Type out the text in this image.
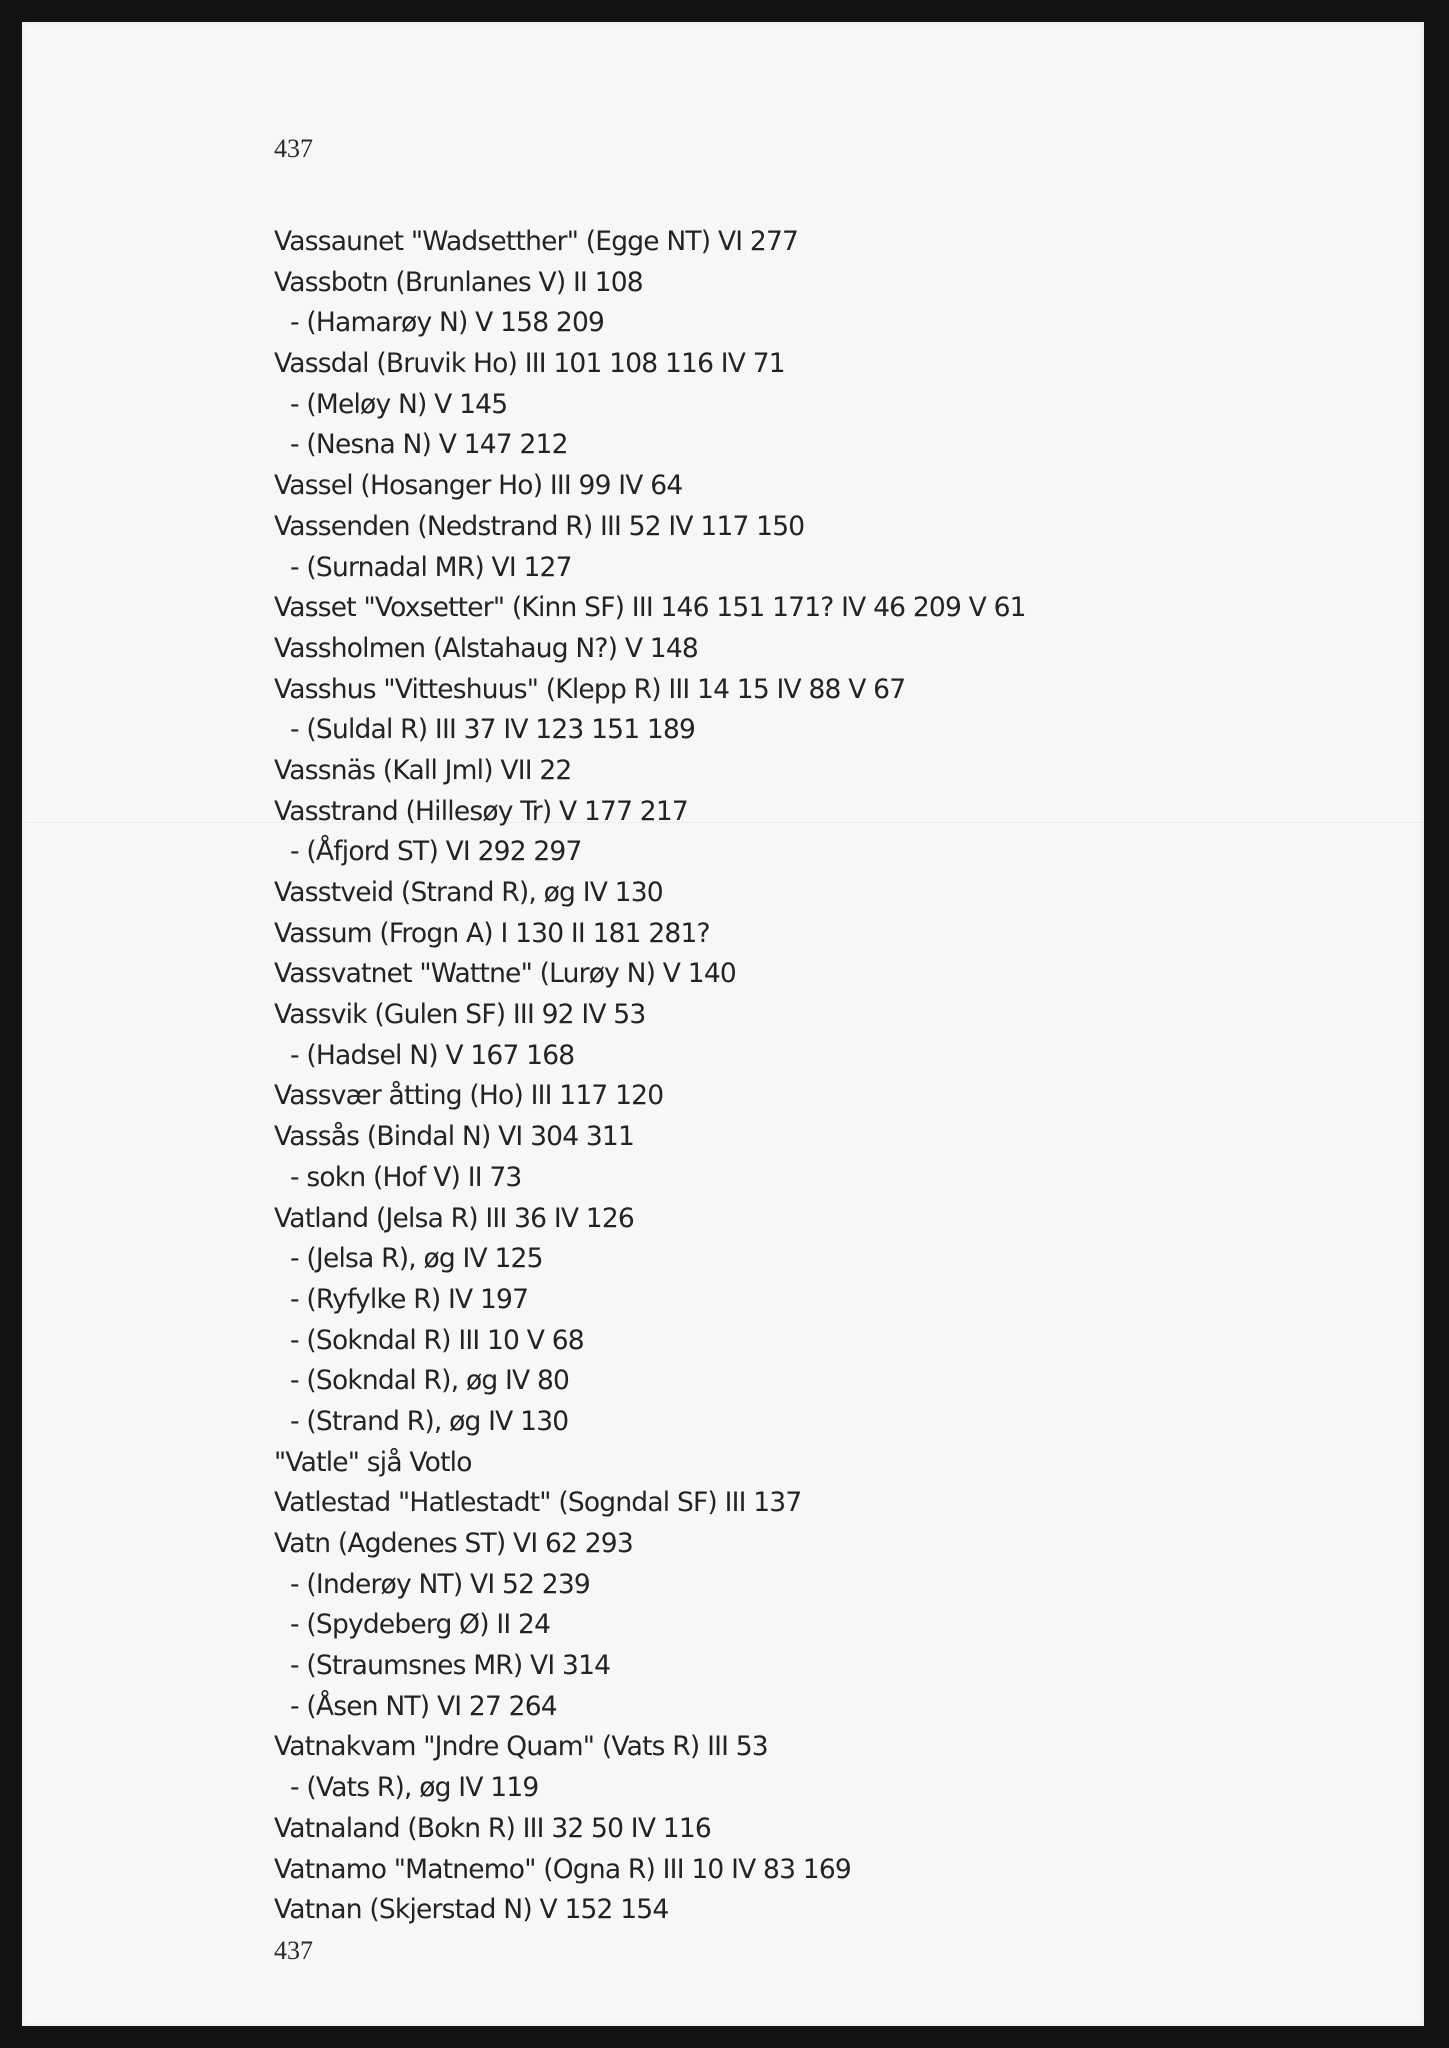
437

Vassaunet "Wadsetther" (Egge NT) VI 277
Vassbotn (Brunlanes V) II 108
- (Hamarøy N) V 158 209
Vassdal (Bruvik Ho) III 101 108 116 IV 71
- (Meløy N) V 145
- (Nesna N) V 147 212
Vassel (Hosanger Ho) III 99 IV 64
Vassenden (Nedstrand R) III 52 IV 117 150
- (Surnadal MR) VI 127
Vasset "Voxsetter" (Kinn SF) III 146 151 171? IV 46 209 V 61
Vassholmen (Alstahaug N?) V 148
Vasshus "Vitteshuus" (Klepp R) III 14 15 IV 88 V 67
- (Suldal R) III 37 IV 123 151 189
Vassnäs (Kall Jml) VII 22
Vasstrand (Hillesøy Tr) V 177 217
- (Åfjord ST) VI 292 297
Vasstveid (Strand R), øg IV 130
Vassum (Frogn A) I 130 II 181 281?
Vassvatnet "Wattne" (Lurøy N) V 140
Vassvik (Gulen SF) III 92 IV 53
- (Hadsel N) V 167 168
Vassvær åtting (Ho) III 117 120
Vassås (Bindal N) VI 304 311
- sokn (Hof V) II 73
Vatland (Jelsa R) III 36 IV 126
- (Jelsa R), øg IV 125
- (Ryfylke R) IV 197
- (Sokndal R) III 10 V 68
- (Sokndal R), øg IV 80
- (Strand R), øg IV 130
"Vatle" sjå Votlo
Vatlestad "Hatlestadt" (Sogndal SF) III 137
Vatn (Agdenes ST) VI 62 293
- (Inderøy NT) VI 52 239
- (Spydeberg Ø) II 24
- (Straumsnes MR) VI 314
- (Åsen NT) VI 27 264
Vatnakvam "Jndre Quam" (Vats R) III 53
- (Vats R), øg IV 119
Vatnaland (Bokn R) III 32 50 IV 116
Vatnamo "Matnemo" (Ogna R) III 10 IV 83 169
Vatnan (Skjerstad N) V 152 154

437
